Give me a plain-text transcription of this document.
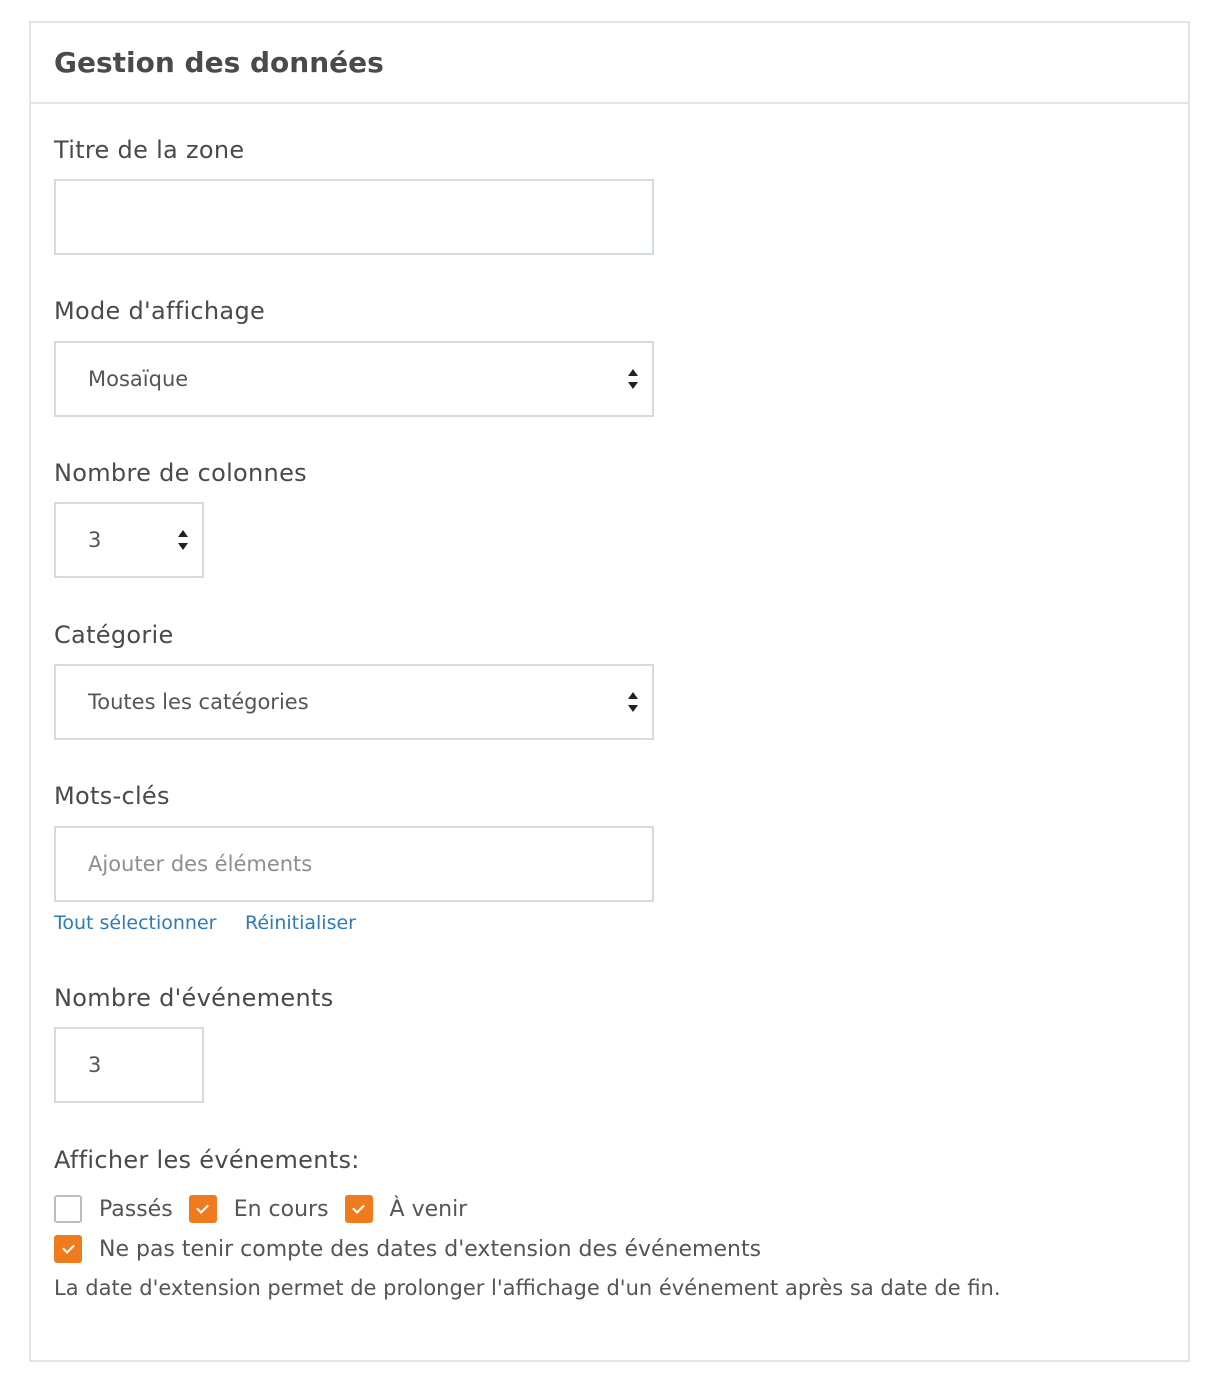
Gestion des données
Titre de la zone
Mode d'affichage
Mosaïque
Nombre de colonnes
3
Catégorie
Toutes les catégories
Mots-clés
Ajouter des éléments
Tout sélectionner Réinitialiser
Nombre d'événements
3
Afficher les événements:
Passés	En cours	À venir
Ne pas tenir compte des dates d'extension des événements
La date d'extension permet de prolonger l'affichage d'un événement après sa date de fin.
